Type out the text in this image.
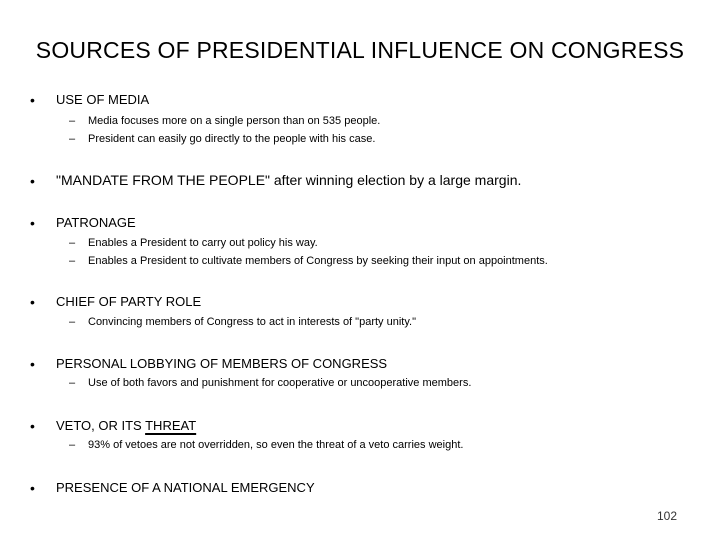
SOURCES OF PRESIDENTIAL INFLUENCE ON CONGRESS
• USE OF MEDIA
– Media focuses more on a single person than on 535 people.
– President can easily go directly to the people with his case.
• "MANDATE FROM THE PEOPLE" after winning election by a large margin.
• PATRONAGE
– Enables a President to carry out policy his way.
– Enables a President to cultivate members of Congress by seeking their input on appointments.
• CHIEF OF PARTY ROLE
– Convincing members of Congress to act in interests of "party unity."
• PERSONAL LOBBYING OF MEMBERS OF CONGRESS
– Use of both favors and punishment for cooperative or uncooperative members.
• VETO, OR ITS THREAT
– 93% of vetoes are not overridden, so even the threat of a veto carries weight.
• PRESENCE OF A NATIONAL EMERGENCY
102
